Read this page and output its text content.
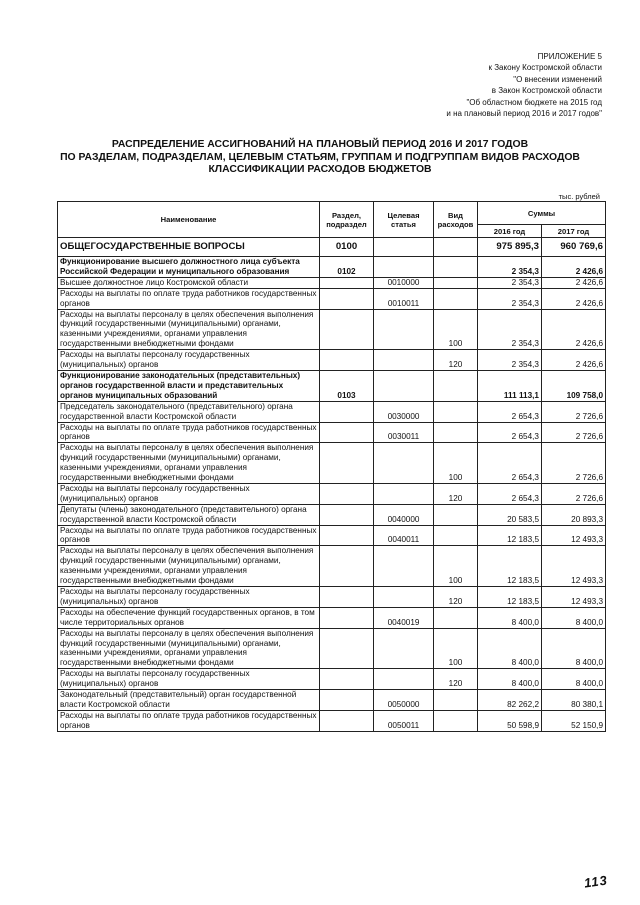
ПРИЛОЖЕНИЕ 5
к Закону Костромской области
"О внесении изменений
в Закон Костромской области
"Об областном бюджете на 2015 год
и на плановый период 2016 и 2017 годов"
РАСПРЕДЕЛЕНИЕ АССИГНОВАНИЙ НА ПЛАНОВЫЙ ПЕРИОД 2016 И 2017 ГОДОВ
ПО РАЗДЕЛАМ, ПОДРАЗДЕЛАМ, ЦЕЛЕВЫМ СТАТЬЯМ, ГРУППАМ И ПОДГРУППАМ ВИДОВ РАСХОДОВ
КЛАССИФИКАЦИИ РАСХОДОВ БЮДЖЕТОВ
тыс. рублей
Наименование	Раздел, подраздел	Целевая статья	Вид расходов	Суммы	
				2016 год	2017 год
ОБЩЕГОСУДАРСТВЕННЫЕ ВОПРОСЫ	0100			975 895,3	960 769,6
Функционирование высшего должностного лица субъекта Российской Федерации и муниципального образования	0102			2 354,3	2 426,6
Высшее должностное лицо Костромской области		0010000		2 354,3	2 426,6
Расходы на выплаты по оплате труда работников государственных органов		0010011		2 354,3	2 426,6
Расходы на выплаты персоналу в целях обеспечения выполнения функций государственными (муниципальными) органами, казенными учреждениями, органами управления государственными внебюджетными фондами			100	2 354,3	2 426,6
Расходы на выплаты персоналу государственных (муниципальных) органов			120	2 354,3	2 426,6
Функционирование законодательных (представительных) органов государственной власти и представительных органов муниципальных образований	0103			111 113,1	109 758,0
Председатель законодательного (представительного) органа государственной власти Костромской области		0030000		2 654,3	2 726,6
Расходы на выплаты по оплате труда работников государственных органов		0030011		2 654,3	2 726,6
Расходы на выплаты персоналу в целях обеспечения выполнения функций государственными (муниципальными) органами, казенными учреждениями, органами управления государственными внебюджетными фондами			100	2 654,3	2 726,6
Расходы на выплаты персоналу государственных (муниципальных) органов			120	2 654,3	2 726,6
Депутаты (члены) законодательного (представительного) органа государственной власти Костромской области		0040000		20 583,5	20 893,3
Расходы на выплаты по оплате труда работников государственных органов		0040011		12 183,5	12 493,3
Расходы на выплаты персоналу в целях обеспечения выполнения функций государственными (муниципальными) органами, казенными учреждениями, органами управления государственными внебюджетными фондами			100	12 183,5	12 493,3
Расходы на выплаты персоналу государственных (муниципальных) органов			120	12 183,5	12 493,3
Расходы на обеспечение функций государственных органов, в том числе территориальных органов		0040019		8 400,0	8 400,0
Расходы на выплаты персоналу в целях обеспечения выполнения функций государственными (муниципальными) органами, казенными учреждениями, органами управления государственными внебюджетными фондами			100	8 400,0	8 400,0
Расходы на выплаты персоналу государственных (муниципальных) органов			120	8 400,0	8 400,0
Законодательный (представительный) орган государственной власти Костромской области		0050000		82 262,2	80 380,1
Расходы на выплаты по оплате труда работников государственных органов		0050011		50 598,9	52 150,9
113
